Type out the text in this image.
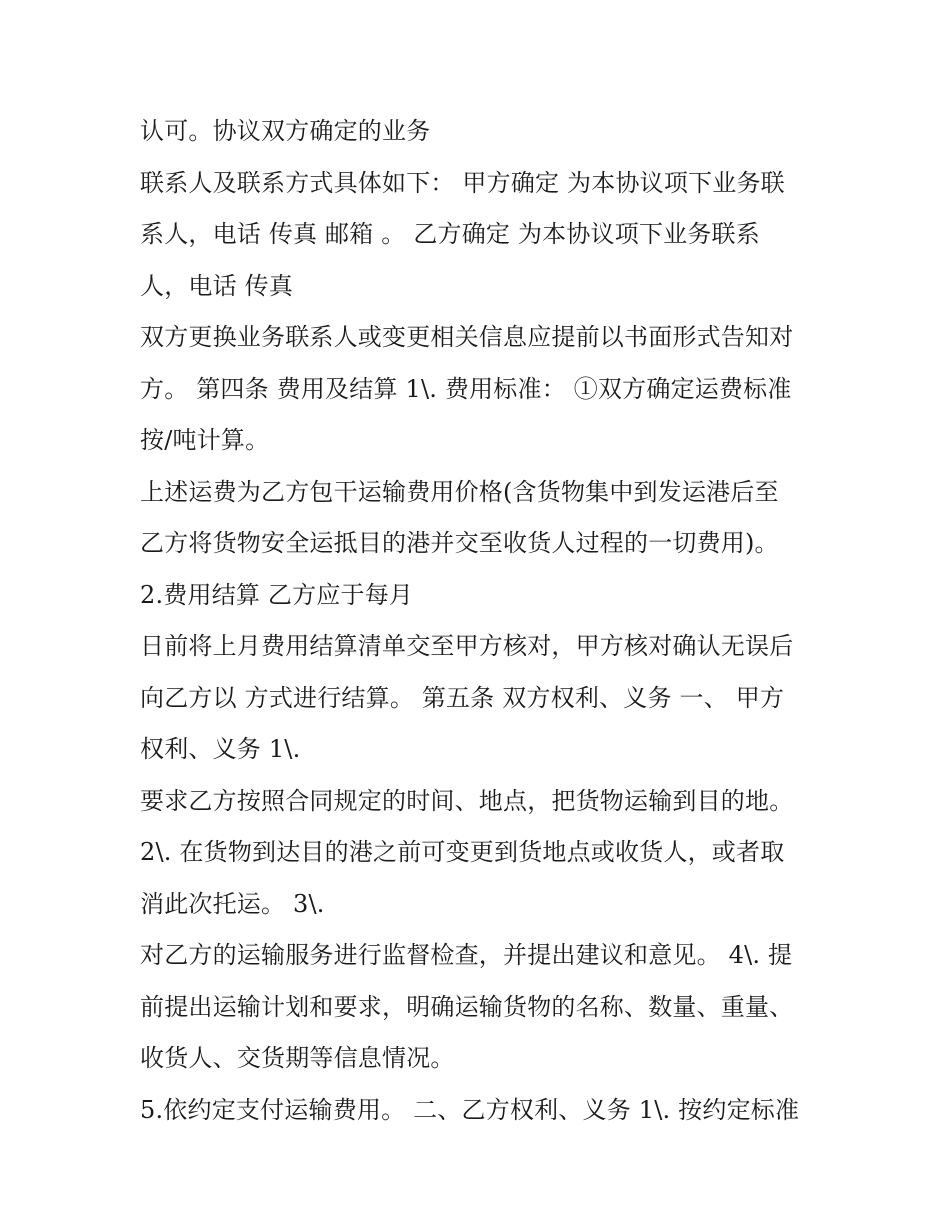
认可。协议双方确定的业务
联系人及联系方式具体如下： 甲方确定 为本协议项下业务联
系人，电话 传真 邮箱 。 乙方确定 为本协议项下业务联系
人，电话 传真
双方更换业务联系人或变更相关信息应提前以书面形式告知对
方。 第四条 费用及结算 1\. 费用标准： ①双方确定运费标准
按/吨计算。
上述运费为乙方包干运输费用价格(含货物集中到发运港后至
乙方将货物安全运抵目的港并交至收货人过程的一切费用)。
2.费用结算 乙方应于每月
日前将上月费用结算清单交至甲方核对，甲方核对确认无误后
向乙方以 方式进行结算。 第五条 双方权利、义务 一、 甲方
权利、义务 1\.
要求乙方按照合同规定的时间、地点，把货物运输到目的地。
2\. 在货物到达目的港之前可变更到货地点或收货人，或者取
消此次托运。 3\.
对乙方的运输服务进行监督检查，并提出建议和意见。 4\. 提
前提出运输计划和要求，明确运输货物的名称、数量、重量、
收货人、交货期等信息情况。
5.依约定支付运输费用。 二、乙方权利、义务 1\. 按约定标准
